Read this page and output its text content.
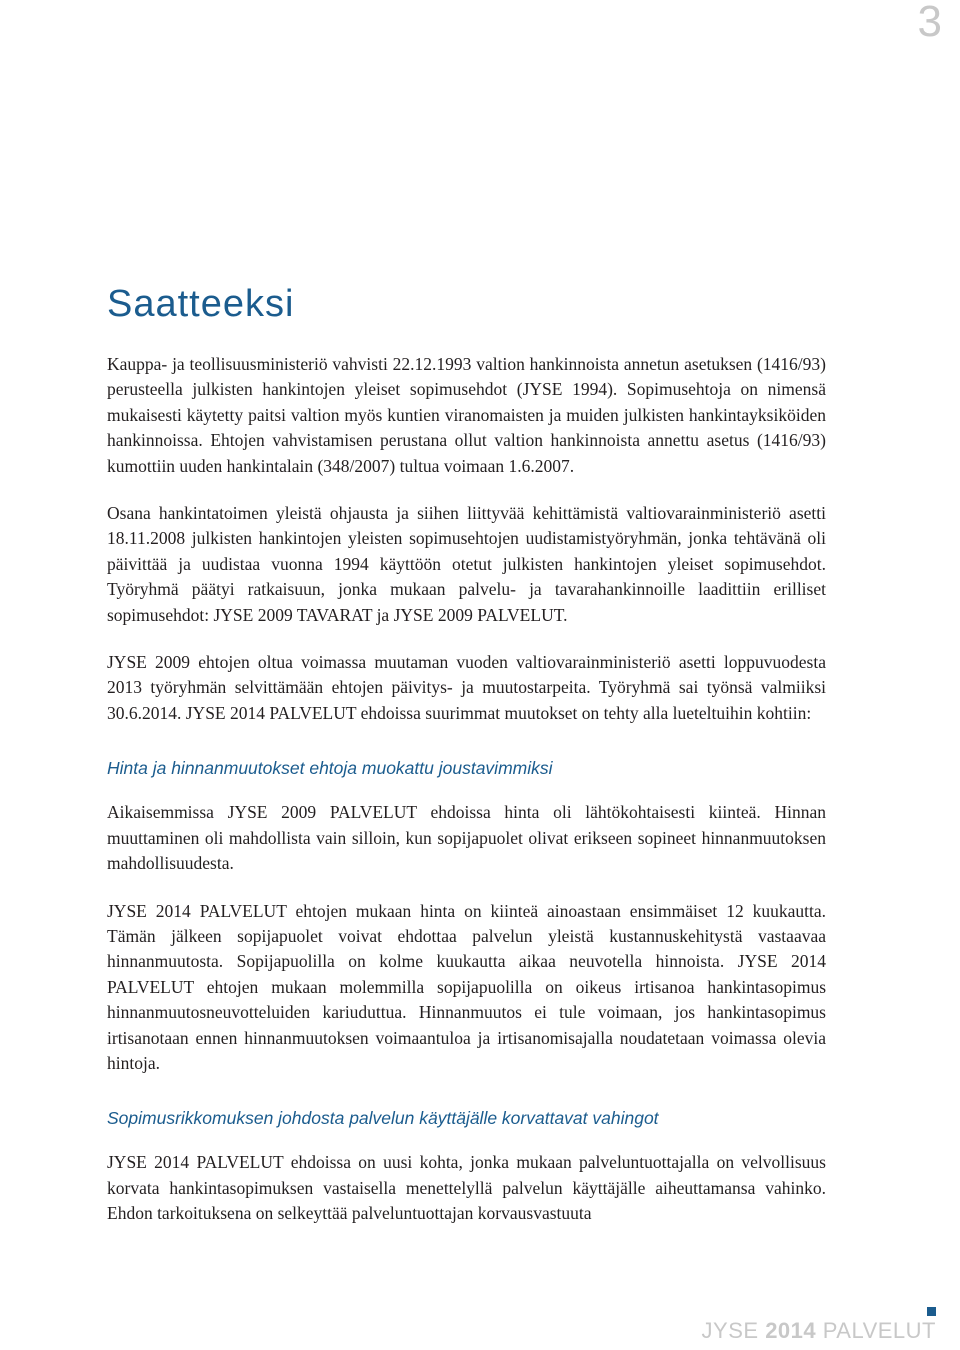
3
Saatteeksi

Kauppa- ja teollisuusministeriö vahvisti 22.12.1993 valtion hankinnoista annetun asetuksen (1416/93) perusteella julkisten hankintojen yleiset sopimusehdot (JYSE 1994). Sopimusehtoja on nimensä mukaisesti käytetty paitsi valtion myös kuntien viranomaisten ja muiden julkisten hankintayksiköiden hankinnoissa. Ehtojen vahvistamisen perustana ollut valtion hankinnoista annettu asetus (1416/93) kumottiin uuden hankintalain (348/2007) tultua voimaan 1.6.2007.

Osana hankintatoimen yleistä ohjausta ja siihen liittyvää kehittämistä valtiovarainministeriö asetti 18.11.2008 julkisten hankintojen yleisten sopimusehtojen uudistamistyöryhmän, jonka tehtävänä oli päivittää ja uudistaa vuonna 1994 käyttöön otetut julkisten hankintojen yleiset sopimusehdot. Työryhmä päätyi ratkaisuun, jonka mukaan palvelu- ja tavarahankinnoille laadittiin erilliset sopimusehdot: JYSE 2009 TAVARAT ja JYSE 2009 PALVELUT.

JYSE 2009 ehtojen oltua voimassa muutaman vuoden valtiovarainministeriö asetti loppuvuodesta 2013 työryhmän selvittämään ehtojen päivitys- ja muutostarpeita. Työryhmä sai työnsä valmiiksi 30.6.2014. JYSE 2014 PALVELUT ehdoissa suurimmat muutokset on tehty alla lueteltuihin kohtiin:

Hinta ja hinnanmuutokset ehtoja muokattu joustavimmiksi

Aikaisemmissa JYSE 2009 PALVELUT ehdoissa hinta oli lähtökohtaisesti kiinteä. Hinnan muuttaminen oli mahdollista vain silloin, kun sopijapuolet olivat erikseen sopineet hinnanmuutoksen mahdollisuudesta.

JYSE 2014 PALVELUT ehtojen mukaan hinta on kiinteä ainoastaan ensimmäiset 12 kuukautta. Tämän jälkeen sopijapuolet voivat ehdottaa palvelun yleistä kustannuskehitystä vastaavaa hinnanmuutosta. Sopijapuolilla on kolme kuukautta aikaa neuvotella hinnoista. JYSE 2014 PALVELUT ehtojen mukaan molemmilla sopijapuolilla on oikeus irtisanoa hankintasopimus hinnanmuutosneuvotteluiden kariuduttua. Hinnanmuutos ei tule voimaan, jos hankintasopimus irtisanotaan ennen hinnanmuutoksen voimaantuloa ja irtisanomisajalla noudatetaan voimassa olevia hintoja.

Sopimusrikkomuksen johdosta palvelun käyttäjälle korvattavat vahingot

JYSE 2014 PALVELUT ehdoissa on uusi kohta, jonka mukaan palveluntuottajalla on velvollisuus korvata hankintasopimuksen vastaisella menettelyllä palvelun käyttäjälle aiheuttamansa vahinko. Ehdon tarkoituksena on selkeyttää palveluntuottajan korvausvastuuta

JYSE 2014 PALVELUT
